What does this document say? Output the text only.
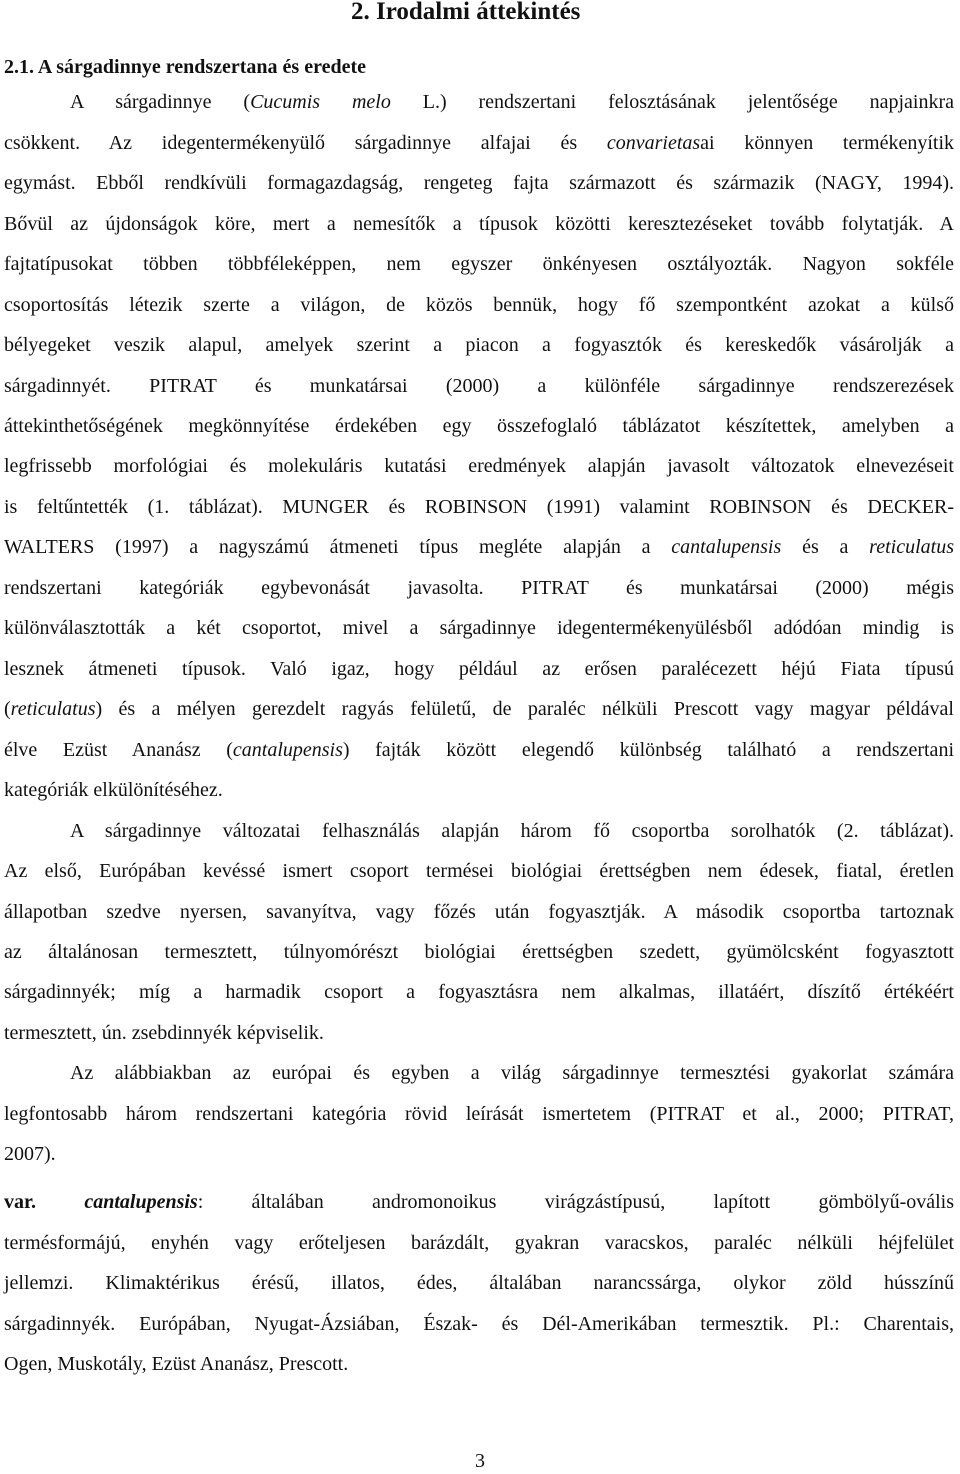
2. Irodalmi áttekintés
2.1. A sárgadinnye rendszertana és eredete
A sárgadinnye (Cucumis melo L.) rendszertani felosztásának jelentősége napjainkra
csökkent. Az idegentermékenyülő sárgadinnye alfajai és convarietasai könnyen termékenyítik
egymást. Ebből rendkívüli formagazdagság, rengeteg fajta származott és származik (NAGY, 1994).
Bővül az újdonságok köre, mert a nemesítők a típusok közötti keresztezéseket tovább folytatják. A
fajtatípusokat többen többféleképpen, nem egyszer önkényesen osztályozták. Nagyon sokféle
csoportosítás létezik szerte a világon, de közös bennük, hogy fő szempontként azokat a külső
bélyegeket veszik alapul, amelyek szerint a piacon a fogyasztók és kereskedők vásárolják a
sárgadinnyét. PITRAT és munkatársai (2000) a különféle sárgadinnye rendszerezések
áttekinthetőségének megkönnyítése érdekében egy összefoglaló táblázatot készítettek, amelyben a
legfrissebb morfológiai és molekuláris kutatási eredmények alapján javasolt változatok elnevezéseit
is feltűntették (1. táblázat). MUNGER és ROBINSON (1991) valamint ROBINSON és DECKER-
WALTERS (1997) a nagyszámú átmeneti típus megléte alapján a cantalupensis és a reticulatus
rendszertani kategóriák egybevonását javasolta. PITRAT és munkatársai (2000) mégis
különválasztották a két csoportot, mivel a sárgadinnye idegentermékenyülésből adódóan mindig is
lesznek átmeneti típusok. Való igaz, hogy például az erősen paralécezett héjú Fiata típusú
(reticulatus) és a mélyen gerezdelt ragyás felületű, de paraléc nélküli Prescott vagy magyar példával
élve Ezüst Ananász (cantalupensis) fajták között elegendő különbség található a rendszertani
kategóriák elkülönítéséhez.
A sárgadinnye változatai felhasználás alapján három fő csoportba sorolhatók (2. táblázat).
Az első, Európában kevéssé ismert csoport termései biológiai érettségben nem édesek, fiatal, éretlen
állapotban szedve nyersen, savanyítva, vagy főzés után fogyasztják. A második csoportba tartoznak
az általánosan termesztett, túlnyomórészt biológiai érettségben szedett, gyümölcsként fogyasztott
sárgadinnyék; míg a harmadik csoport a fogyasztásra nem alkalmas, illatáért, díszítő értékéért
termesztett, ún. zsebdinnyék képviselik.
Az alábbiakban az európai és egyben a világ sárgadinnye termesztési gyakorlat számára
legfontosabb három rendszertani kategória rövid leírását ismertetem (PITRAT et al., 2000; PITRAT,
2007).
var. cantalupensis: általában andromonoikus virágzástípusú, lapított gömbölyű-ovális
termésformájú, enyhén vagy erőteljesen barázdált, gyakran varacskos, paraléc nélküli héjfelület
jellemzi. Klimaktérikus érésű, illatos, édes, általában narancssárga, olykor zöld hússzínű
sárgadinnyék. Európában, Nyugat-Ázsiában, Észak- és Dél-Amerikában termesztik. Pl.: Charentais,
Ogen, Muskotály, Ezüst Ananász, Prescott.
3
